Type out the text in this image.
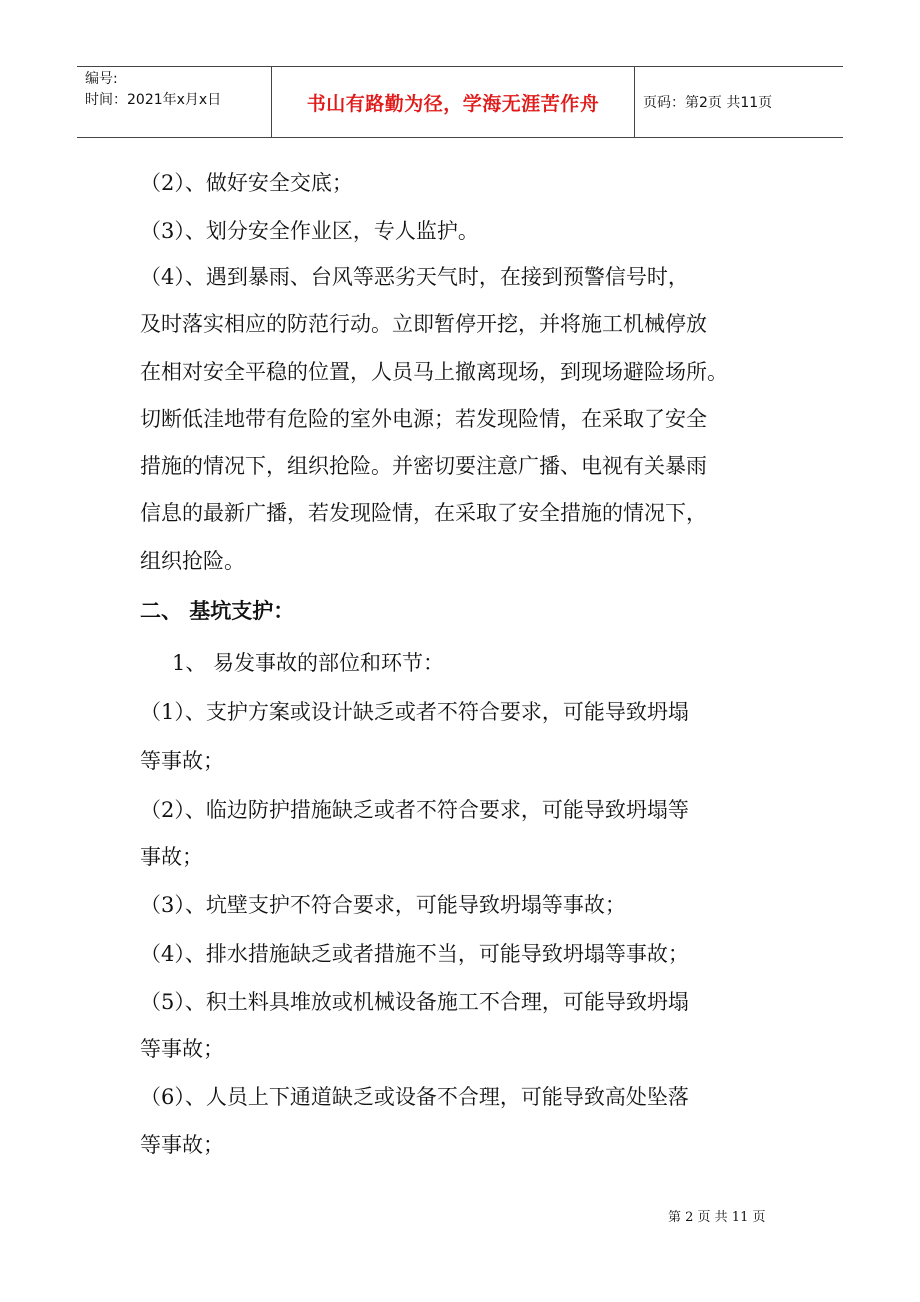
编号:
时间：2021年x月x日	书山有路勤为径，学海无涯苦作舟	页码：第2页 共11页
（2）、做好安全交底；
（3）、划分安全作业区，专人监护。
（4）、遇到暴雨、台风等恶劣天气时，在接到预警信号时，
及时落实相应的防范行动。立即暂停开挖，并将施工机械停放
在相对安全平稳的位置，人员马上撤离现场，到现场避险场所。
切断低洼地带有危险的室外电源；若发现险情，在采取了安全
措施的情况下，组织抢险。并密切要注意广播、电视有关暴雨
信息的最新广播，若发现险情，在采取了安全措施的情况下，
组织抢险。
二、 基坑支护：
1、 易发事故的部位和环节：
（1）、支护方案或设计缺乏或者不符合要求，可能导致坍塌
等事故；
（2）、临边防护措施缺乏或者不符合要求，可能导致坍塌等
事故；
（3）、坑壁支护不符合要求，可能导致坍塌等事故；
（4）、排水措施缺乏或者措施不当，可能导致坍塌等事故；
（5）、积土料具堆放或机械设备施工不合理，可能导致坍塌
等事故；
（6）、人员上下通道缺乏或设备不合理，可能导致高处坠落
等事故；
第 2 页 共 11 页
